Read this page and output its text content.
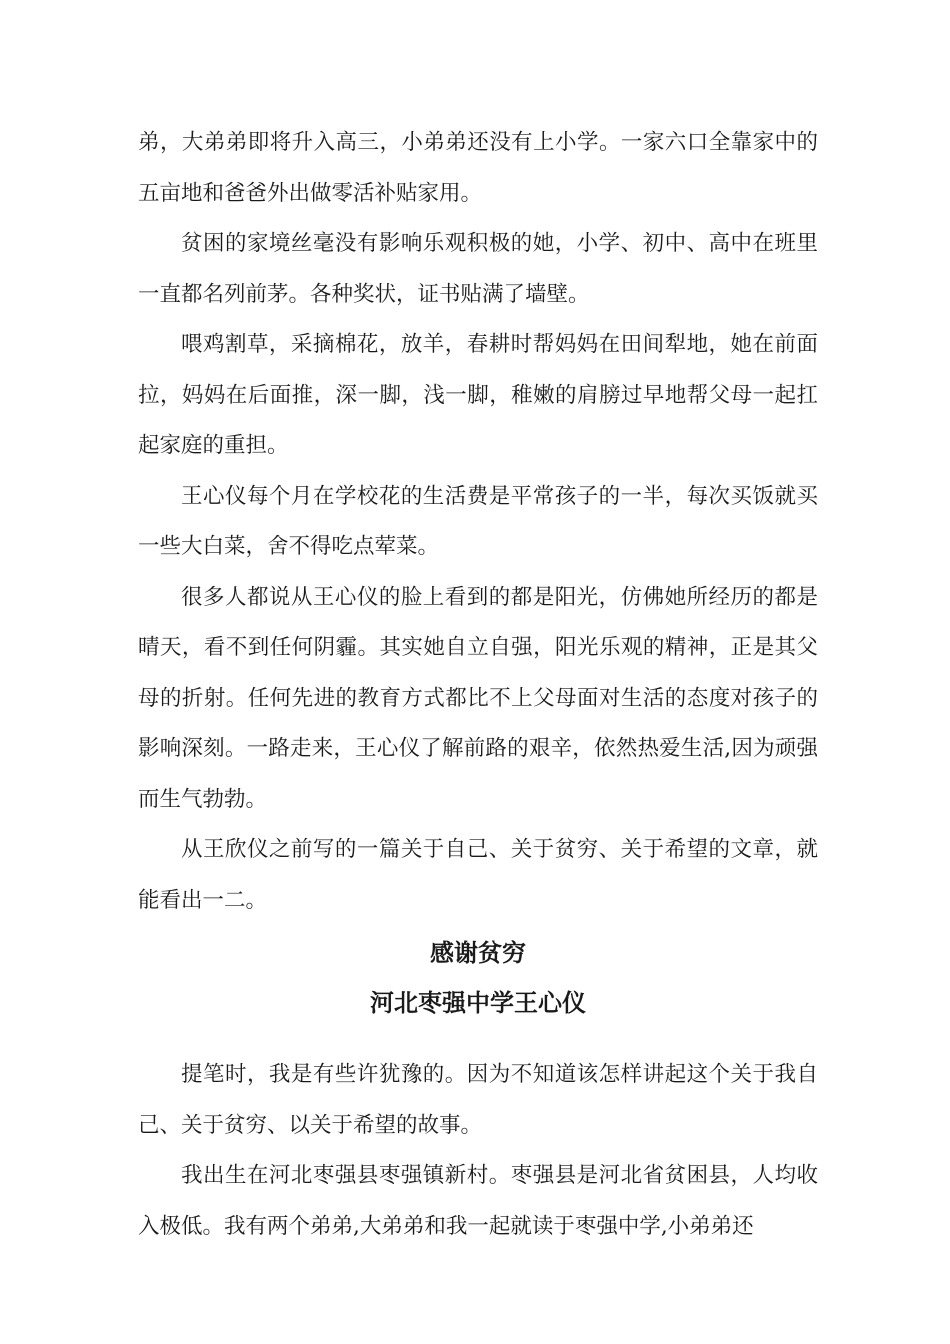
弟，大弟弟即将升入高三，小弟弟还没有上小学。一家六口全靠家中的五亩地和爸爸外出做零活补贴家用。

贫困的家境丝毫没有影响乐观积极的她，小学、初中、高中在班里一直都名列前茅。各种奖状，证书贴满了墙壁。

喂鸡割草，采摘棉花，放羊，春耕时帮妈妈在田间犁地，她在前面拉，妈妈在后面推，深一脚，浅一脚，稚嫩的肩膀过早地帮父母一起扛起家庭的重担。

王心仪每个月在学校花的生活费是平常孩子的一半，每次买饭就买一些大白菜，舍不得吃点荤菜。

很多人都说从王心仪的脸上看到的都是阳光，仿佛她所经历的都是晴天，看不到任何阴霾。其实她自立自强，阳光乐观的精神，正是其父母的折射。任何先进的教育方式都比不上父母面对生活的态度对孩子的影响深刻。一路走来，王心仪了解前路的艰辛，依然热爱生活,因为顽强而生气勃勃。

从王欣仪之前写的一篇关于自己、关于贫穷、关于希望的文章，就能看出一二。

感谢贫穷
河北枣强中学王心仪

提笔时，我是有些许犹豫的。因为不知道该怎样讲起这个关于我自己、关于贫穷、以关于希望的故事。

我出生在河北枣强县枣强镇新村。枣强县是河北省贫困县，人均收入极低。我有两个弟弟,大弟弟和我一起就读于枣强中学,小弟弟还
